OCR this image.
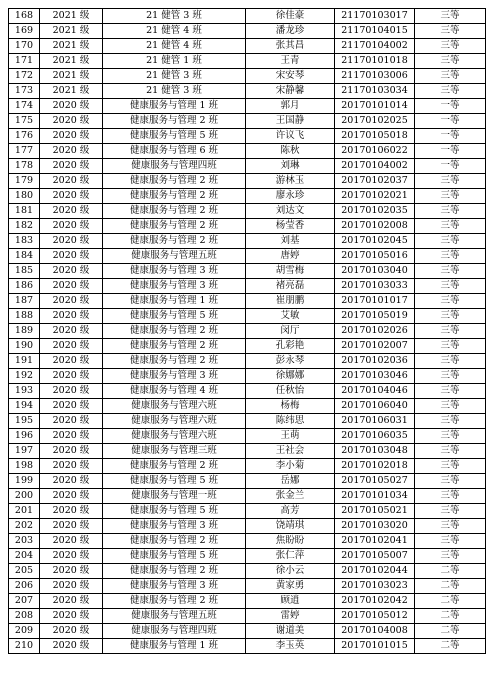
168	2021 级	21 健管 3 班	徐佳豪	21170103017	三等
169	2021 级	21 健管 4 班	潘龙珍	21170104015	三等
170	2021 级	21 健管 4 班	张其昌	21170104002	三等
171	2021 级	21 健管 1 班	王青	21170101018	三等
172	2021 级	21 健管 3 班	宋安琴	21170103006	三等
173	2021 级	21 健管 3 班	宋静馨	21170103034	三等
174	2020 级	健康服务与管理 1 班	郭月	20170101014	一等
175	2020 级	健康服务与管理 2 班	王国静	20170102025	一等
176	2020 级	健康服务与管理 5 班	许议飞	20170105018	一等
177	2020 级	健康服务与管理 6 班	陈秋	20170106022	一等
178	2020 级	健康服务与管理四班	刘琳	20170104002	一等
179	2020 级	健康服务与管理 2 班	游林玉	20170102037	三等
180	2020 级	健康服务与管理 2 班	廖永珍	20170102021	三等
181	2020 级	健康服务与管理 2 班	刘达文	20170102035	三等
182	2020 级	健康服务与管理 2 班	杨莹香	20170102008	三等
183	2020 级	健康服务与管理 2 班	刘基	20170102045	三等
184	2020 级	健康服务与管理五班	唐婷	20170105016	三等
185	2020 级	健康服务与管理 3 班	胡雪梅	20170103040	三等
186	2020 级	健康服务与管理 3 班	褚亮磊	20170103033	三等
187	2020 级	健康服务与管理 1 班	崔朋鹏	20170101017	三等
188	2020 级	健康服务与管理 5 班	艾敏	20170105019	三等
189	2020 级	健康服务与管理 2 班	闵厅	20170102026	三等
190	2020 级	健康服务与管理 2 班	孔彩艳	20170102007	三等
191	2020 级	健康服务与管理 2 班	彭永琴	20170102036	三等
192	2020 级	健康服务与管理 3 班	徐娜娜	20170103046	三等
193	2020 级	健康服务与管理 4 班	任秋怡	20170104046	三等
194	2020 级	健康服务与管理六班	杨梅	20170106040	三等
195	2020 级	健康服务与管理六班	陈纬思	20170106031	三等
196	2020 级	健康服务与管理六班	王萌	20170106035	三等
197	2020 级	健康服务与管理三班	王社会	20170103048	三等
198	2020 级	健康服务与管理 2 班	李小菊	20170102018	三等
199	2020 级	健康服务与管理 5 班	岳娜	20170105027	三等
200	2020 级	健康服务与管理一班	张金兰	20170101034	三等
201	2020 级	健康服务与管理 5 班	高芳	20170105021	三等
202	2020 级	健康服务与管理 3 班	饶靖琪	20170103020	三等
203	2020 级	健康服务与管理 2 班	焦盼盼	20170102041	三等
204	2020 级	健康服务与管理 5 班	张仁萍	20170105007	三等
205	2020 级	健康服务与管理 2 班	徐小云	20170102044	二等
206	2020 级	健康服务与管理 3 班	黄家勇	20170103023	二等
207	2020 级	健康服务与管理 2 班	顾逍	20170102042	二等
208	2020 级	健康服务与管理五班	雷婷	20170105012	二等
209	2020 级	健康服务与管理四班	谢道美	20170104008	二等
210	2020 级	健康服务与管理 1 班	李玉英	20170101015	二等
